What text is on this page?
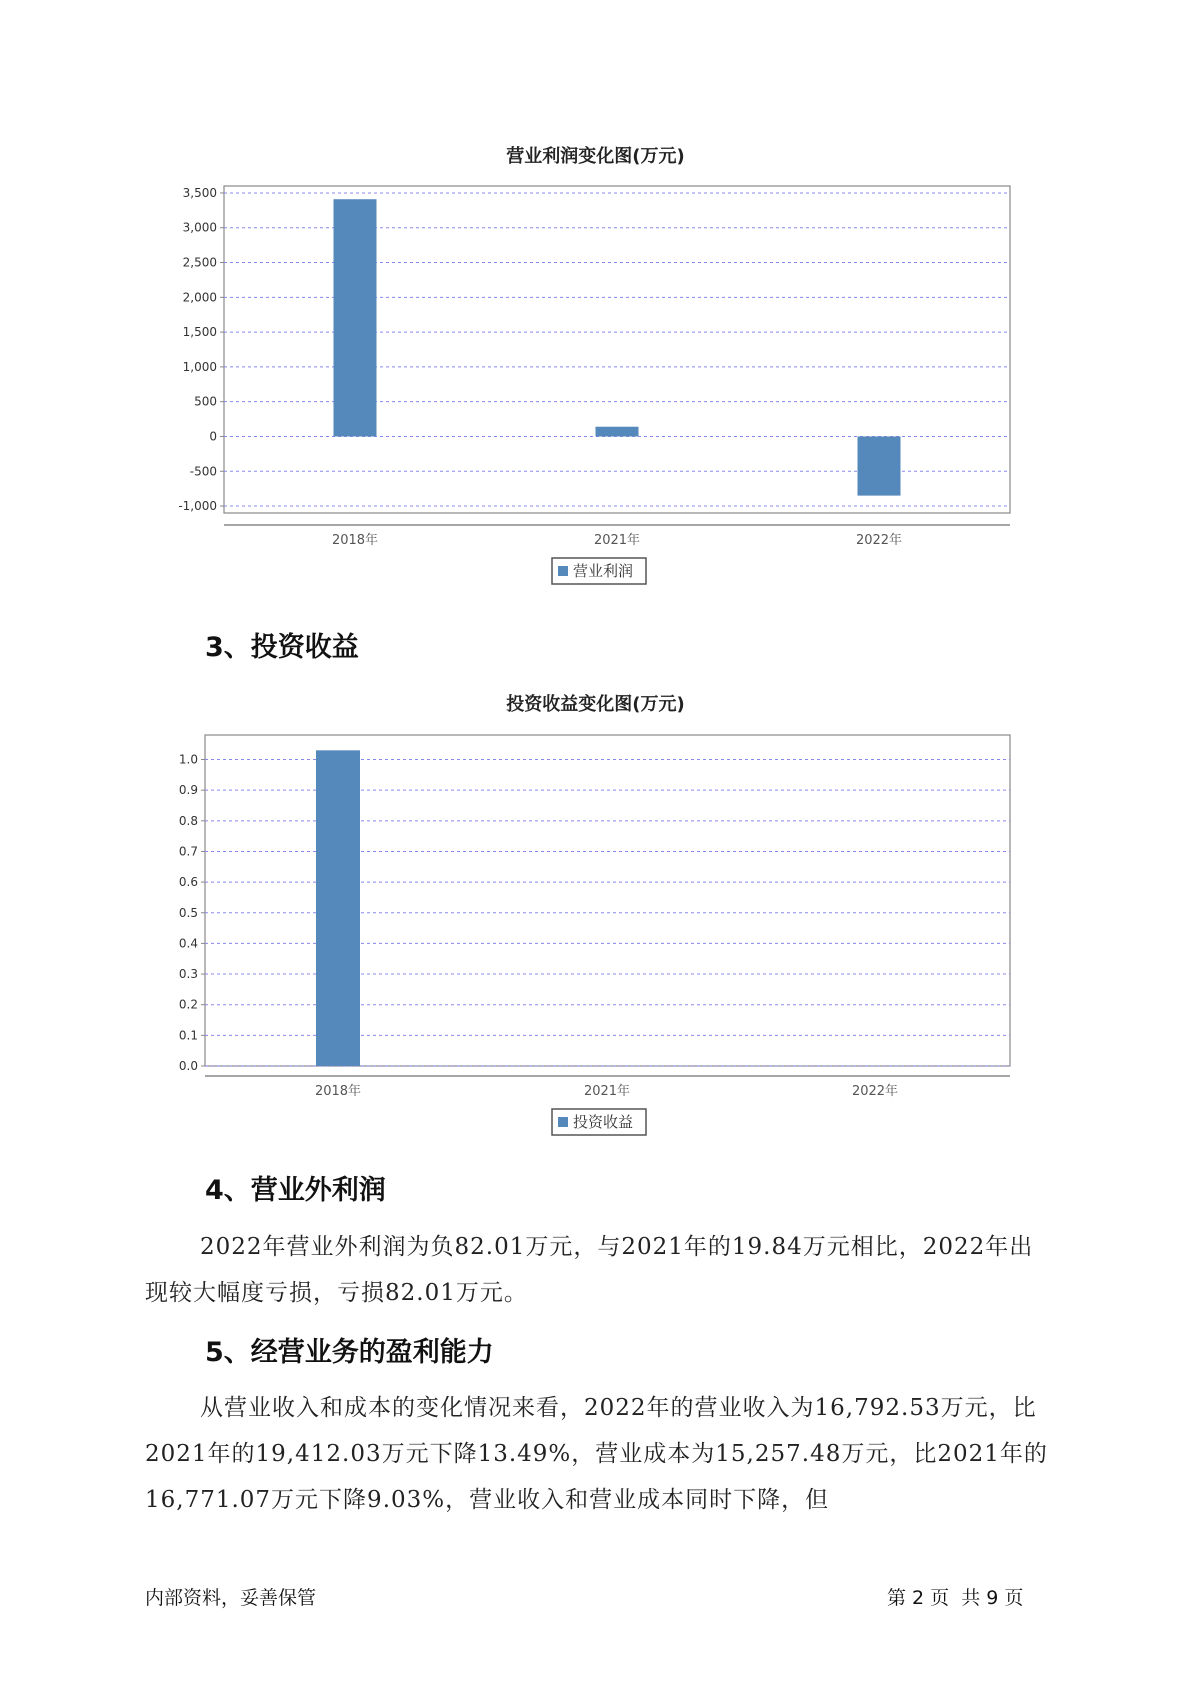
营业利润变化图(万元)
-1,000
-500
0
500
1,000
1,500
2,000
2,500
3,000
3,500
2018年	2021年	2022年
营业利润
3、投资收益
投资收益变化图(万元)
0.0
0.1
0.2
0.3
0.4
0.5
0.6
0.7
0.8
0.9
1.0
2018年	2021年	2022年
投资收益
4、营业外利润

2022年营业外利润为负82.01万元，与2021年的19.84万元相比，2022年出现较大幅度亏损，亏损82.01万元。

5、经营业务的盈利能力

从营业收入和成本的变化情况来看，2022年的营业收入为16,792.53万元，比2021年的19,412.03万元下降13.49%，营业成本为15,257.48万元，比2021年的16,771.07万元下降9.03%，营业收入和营业成本同时下降，但

内部资料，妥善保管	第 2 页  共 9 页
